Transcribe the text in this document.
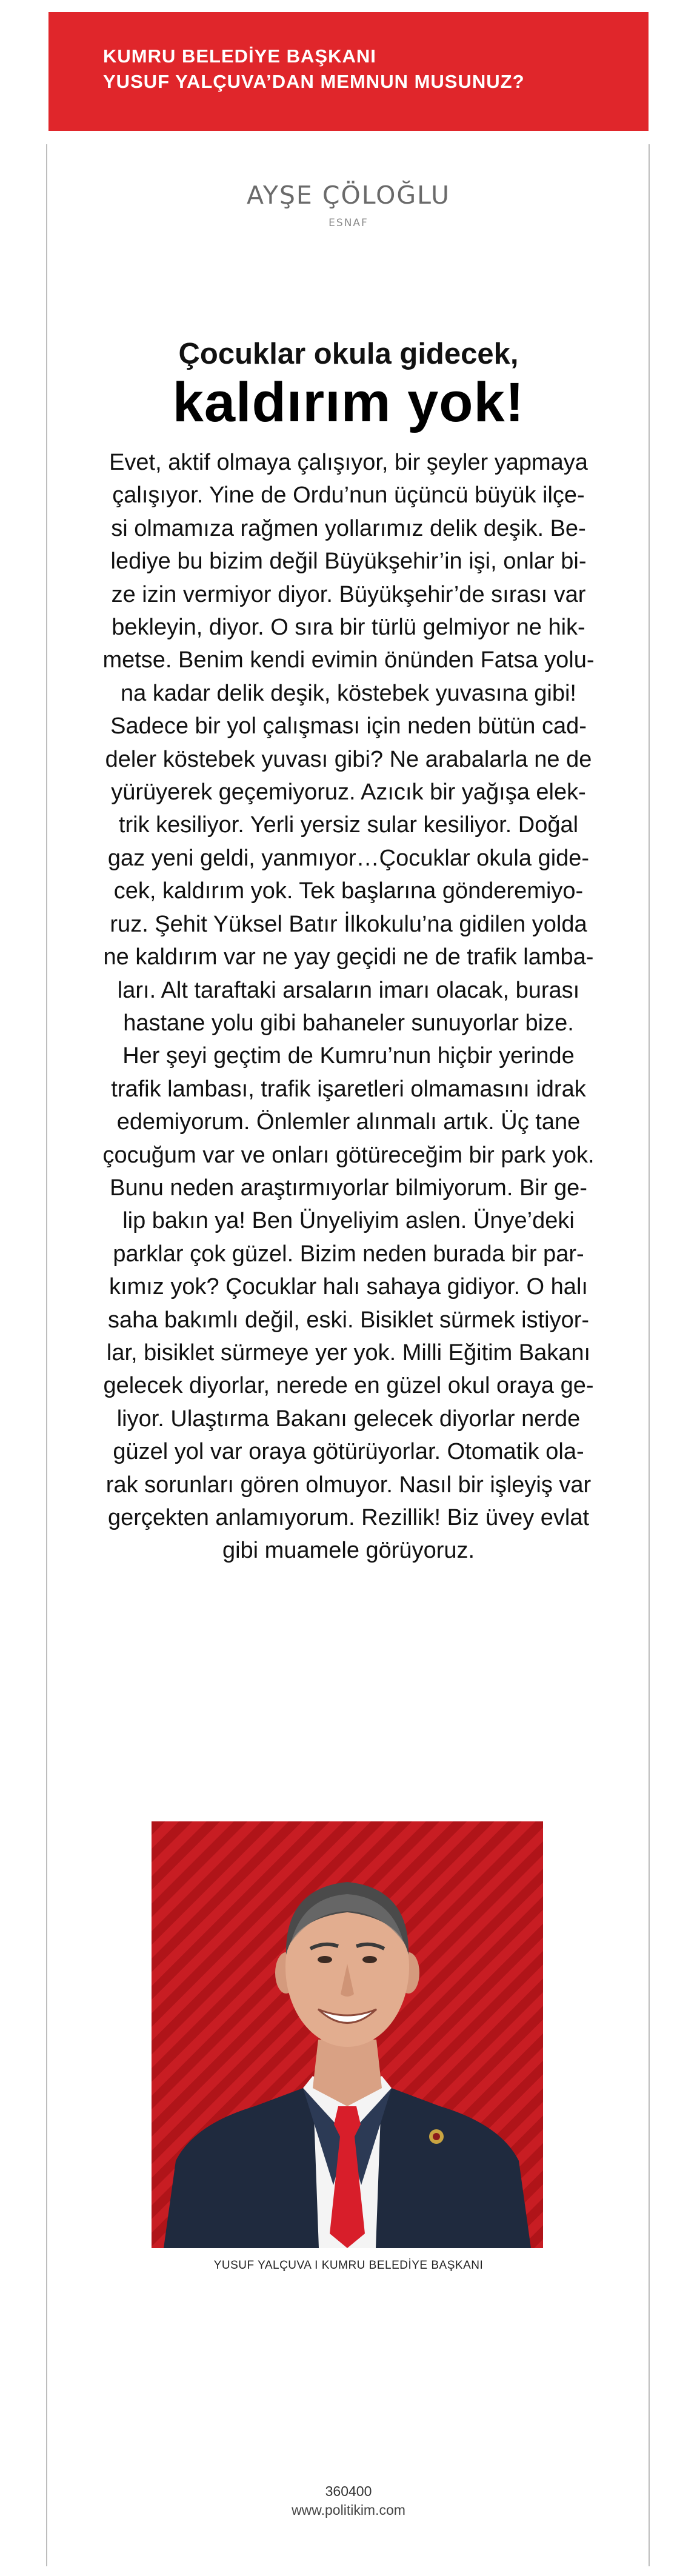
KUMRU BELEDİYE BAŞKANI
YUSUF YALÇUVA’DAN MEMNUN MUSUNUZ?
AYŞE ÇÖLOĞLU
ESNAF
Çocuklar okula gidecek,
kaldırım yok!
Evet, aktif olmaya çalışıyor, bir şeyler yapmaya
çalışıyor. Yine de Ordu’nun üçüncü büyük ilçe-
si olmamıza rağmen yollarımız delik deşik. Be-
lediye bu bizim değil Büyükşehir’in işi, onlar bi-
ze izin vermiyor diyor. Büyükşehir’de sırası var
bekleyin, diyor. O sıra bir türlü gelmiyor ne hik-
metse. Benim kendi evimin önünden Fatsa yolu-
na kadar delik deşik, köstebek yuvasına gibi!
Sadece bir yol çalışması için neden bütün cad-
deler köstebek yuvası gibi? Ne arabalarla ne de
yürüyerek geçemiyoruz. Azıcık bir yağışa elek-
trik kesiliyor. Yerli yersiz sular kesiliyor. Doğal
gaz yeni geldi, yanmıyor…Çocuklar okula gide-
cek, kaldırım yok. Tek başlarına gönderemiyo-
ruz. Şehit Yüksel Batır İlkokulu’na gidilen yolda
ne kaldırım var ne yay geçidi ne de trafik lamba-
ları. Alt taraftaki arsaların imarı olacak, burası
hastane yolu gibi bahaneler sunuyorlar bize.
Her şeyi geçtim de Kumru’nun hiçbir yerinde
trafik lambası, trafik işaretleri olmamasını idrak
edemiyorum. Önlemler alınmalı artık. Üç tane
çocuğum var ve onları götüreceğim bir park yok.
Bunu neden araştırmıyorlar bilmiyorum. Bir ge-
lip bakın ya! Ben Ünyeliyim aslen. Ünye’deki
parklar çok güzel. Bizim neden burada bir par-
kımız yok? Çocuklar halı sahaya gidiyor. O halı
saha bakımlı değil, eski. Bisiklet sürmek istiyor-
lar, bisiklet sürmeye yer yok. Milli Eğitim Bakanı
gelecek diyorlar, nerede en güzel okul oraya ge-
liyor. Ulaştırma Bakanı gelecek diyorlar nerde
güzel yol var oraya götürüyorlar. Otomatik ola-
rak sorunları gören olmuyor. Nasıl bir işleyiş var
gerçekten anlamıyorum. Rezillik! Biz üvey evlat
gibi muamele görüyoruz.
YUSUF YALÇUVA I KUMRU BELEDİYE BAŞKANI
360400
www.politikim.com
